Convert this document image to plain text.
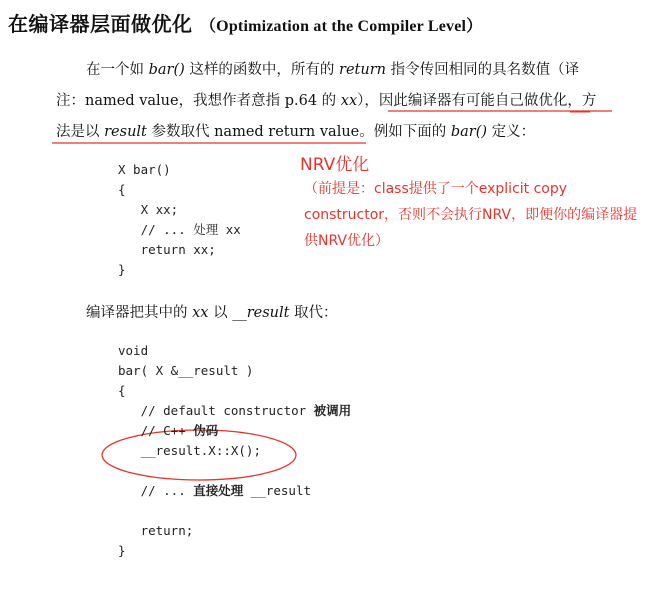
在编译器层面做优化 （Optimization at the Compiler Level）
在一个如 bar() 这样的函数中，所有的 return 指令传回相同的具名数值（译
注：named value，我想作者意指 p.64 的 xx），因此编译器有可能自己做优化，方
法是以 result 参数取代 named return value。例如下面的 bar() 定义：
X bar()
{
X xx;
// ... 处理 xx
return xx;
}
NRV优化
（前提是：class提供了一个explicit copy constructor，否则不会执行NRV，即便你的编译器提供NRV优化）
编译器把其中的 xx 以 __result 取代：
void
bar( X &__result )
{
// default constructor 被调用
// C++ 伪码
__result.X::X();

// ... 直接处理 __result

return;
}
